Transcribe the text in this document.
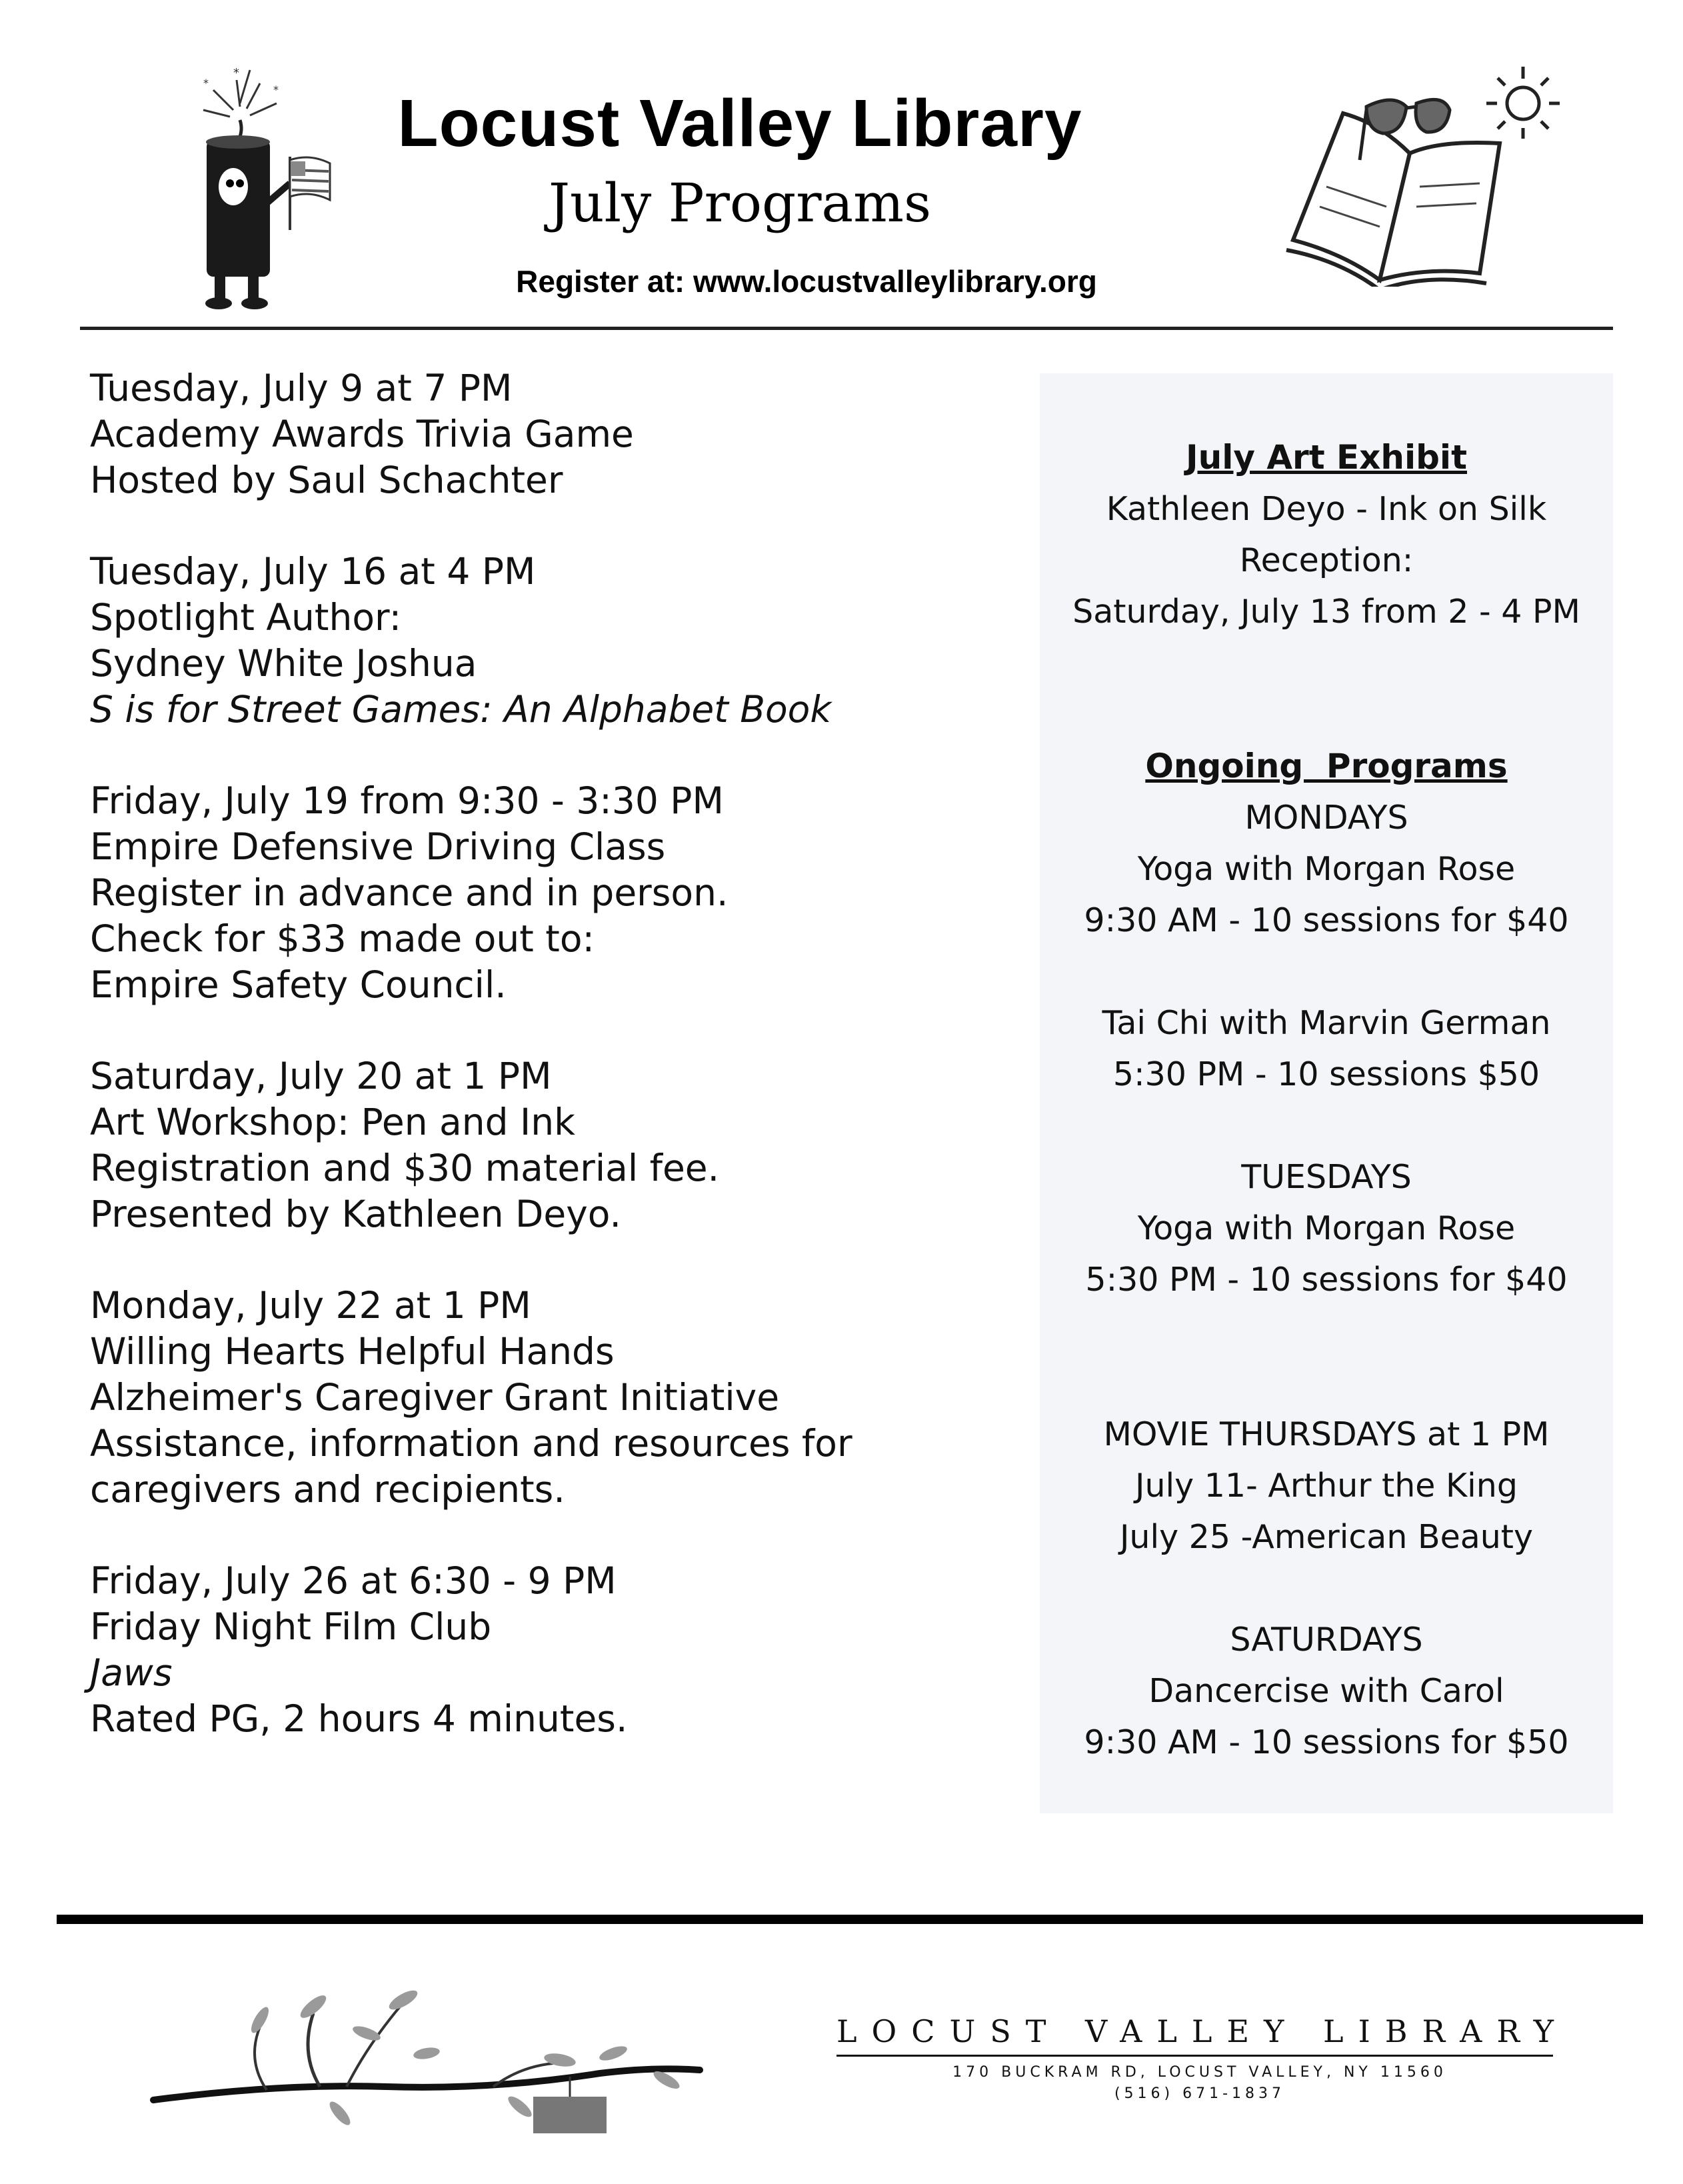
*
*
*	Locust Valley Library
July Programs
Register at: www.locustvalleylibrary.org
Tuesday, July 9 at 7 PM
Academy Awards Trivia Game
Hosted by Saul Schachter
Tuesday, July 16 at 4 PM
Spotlight Author:
Sydney White Joshua
S is for Street Games: An Alphabet Book
Friday, July 19 from 9:30 - 3:30 PM
Empire Defensive Driving Class
Register in advance and in person.
Check for $33 made out to:
Empire Safety Council.
Saturday, July 20 at 1 PM
Art Workshop: Pen and Ink
Registration and $30 material fee.
Presented by Kathleen Deyo.
Monday, July 22 at 1 PM
Willing Hearts Helpful Hands
Alzheimer's Caregiver Grant Initiative
Assistance, information and resources for
caregivers and recipients.
Friday, July 26 at 6:30 - 9 PM
Friday Night Film Club
Jaws
Rated PG, 2 hours 4 minutes.
July Art Exhibit
Kathleen Deyo - Ink on Silk
Reception:
Saturday, July 13 from 2 - 4 PM
Ongoing  Programs
MONDAYS
Yoga with Morgan Rose
9:30 AM - 10 sessions for $40
Tai Chi with Marvin German
5:30 PM - 10 sessions $50
TUESDAYS
Yoga with Morgan Rose
5:30 PM - 10 sessions for $40
MOVIE THURSDAYS at 1 PM
July 11- Arthur the King
July 25 -American Beauty
SATURDAYS
Dancercise with Carol
9:30 AM - 10 sessions for $50
LOCUST VALLEY LIBRARY
170 BUCKRAM RD, LOCUST VALLEY, NY 11560
(516) 671-1837
